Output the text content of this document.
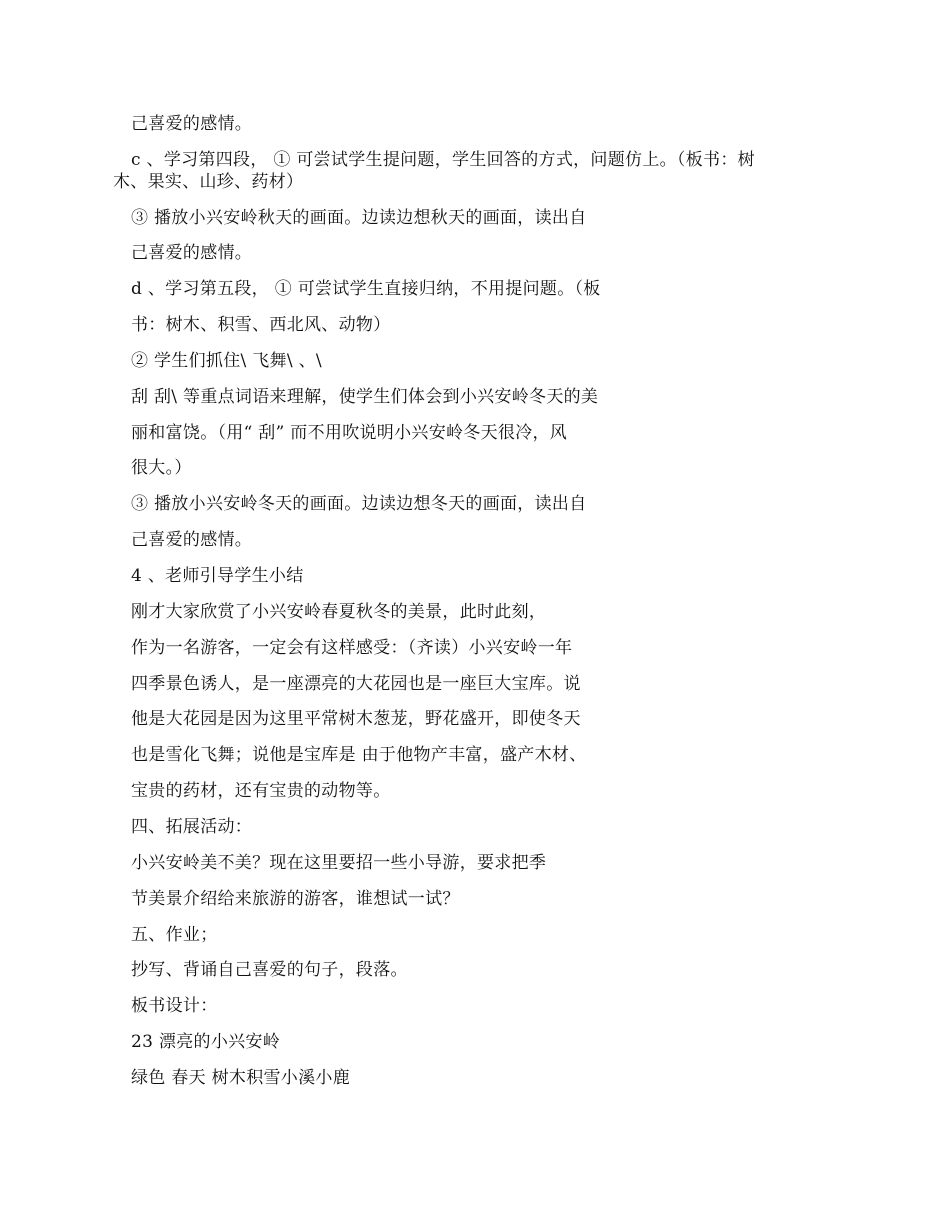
己喜爱的感情。
c 、学习第四段， ① 可尝试学生提问题，学生回答的方式，问题仿上。（板书：树
木、果实、山珍、药材）
③ 播放小兴安岭秋天的画面。边读边想秋天的画面，读出自
己喜爱的感情。
d 、学习第五段， ① 可尝试学生直接归纳，不用提问题。（板
书：树木、积雪、西北风、动物）
② 学生们抓住\ 飞舞\ 、\
刮 刮\ 等重点词语来理解，使学生们体会到小兴安岭冬天的美
丽和富饶。（用“ 刮” 而不用吹说明小兴安岭冬天很冷，风
很大。）
③ 播放小兴安岭冬天的画面。边读边想冬天的画面，读出自
己喜爱的感情。
4 、老师引导学生小结
刚才大家欣赏了小兴安岭春夏秋冬的美景，此时此刻，
作为一名游客，一定会有这样感受：（齐读）小兴安岭一年
四季景色诱人，是一座漂亮的大花园也是一座巨大宝库。说
他是大花园是因为这里平常树木葱茏，野花盛开，即使冬天
也是雪化飞舞；说他是宝库是 由于他物产丰富，盛产木材、
宝贵的药材，还有宝贵的动物等。
四、拓展活动：
小兴安岭美不美？现在这里要招一些小导游，要求把季
节美景介绍给来旅游的游客，谁想试一试？
五、作业；
抄写、背诵自己喜爱的句子，段落。
板书设计：
23 漂亮的小兴安岭
绿色 春天 树木积雪小溪小鹿
